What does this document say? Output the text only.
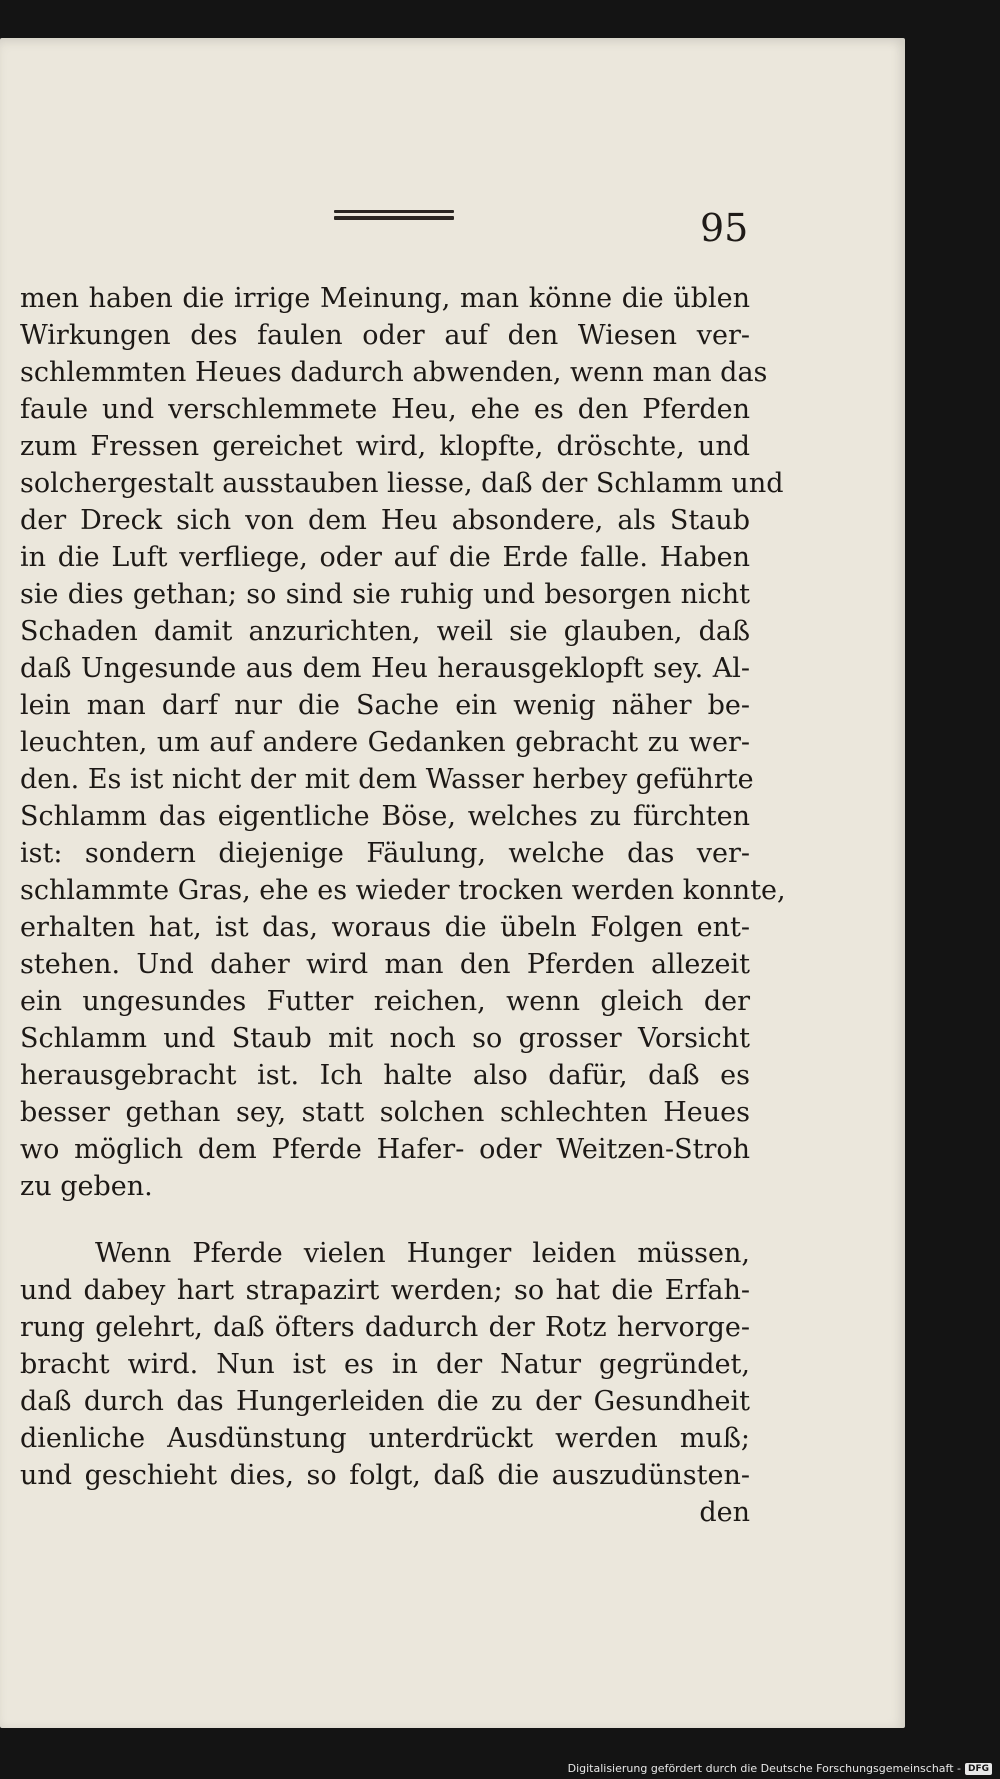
95
men haben die irrige Meinung, man könne die üblen
Wirkungen des faulen oder auf den Wiesen ver-
schlemmten Heues dadurch abwenden, wenn man das
faule und verschlemmete Heu, ehe es den Pferden
zum Fressen gereichet wird, klopfte, dröschte, und
solchergestalt ausstauben liesse, daß der Schlamm und
der Dreck sich von dem Heu absondere, als Staub
in die Luft verfliege, oder auf die Erde falle. Haben
sie dies gethan; so sind sie ruhig und besorgen nicht
Schaden damit anzurichten, weil sie glauben, daß
daß Ungesunde aus dem Heu herausgeklopft sey. Al-
lein man darf nur die Sache ein wenig näher be-
leuchten, um auf andere Gedanken gebracht zu wer-
den. Es ist nicht der mit dem Wasser herbey geführte
Schlamm das eigentliche Böse, welches zu fürchten
ist: sondern diejenige Fäulung, welche das ver-
schlammte Gras, ehe es wieder trocken werden konnte,
erhalten hat, ist das, woraus die übeln Folgen ent-
stehen. Und daher wird man den Pferden allezeit
ein ungesundes Futter reichen, wenn gleich der
Schlamm und Staub mit noch so grosser Vorsicht
herausgebracht ist. Ich halte also dafür, daß es
besser gethan sey, statt solchen schlechten Heues
wo möglich dem Pferde Hafer- oder Weitzen-Stroh
zu geben.
Wenn Pferde vielen Hunger leiden müssen,
und dabey hart strapazirt werden; so hat die Erfah-
rung gelehrt, daß öfters dadurch der Rotz hervorge-
bracht wird. Nun ist es in der Natur gegründet,
daß durch das Hungerleiden die zu der Gesundheit
dienliche Ausdünstung unterdrückt werden muß;
und geschieht dies, so folgt, daß die auszudünsten-
den
Digitalisierung gefördert durch die Deutsche Forschungsgemeinschaft - DFG
